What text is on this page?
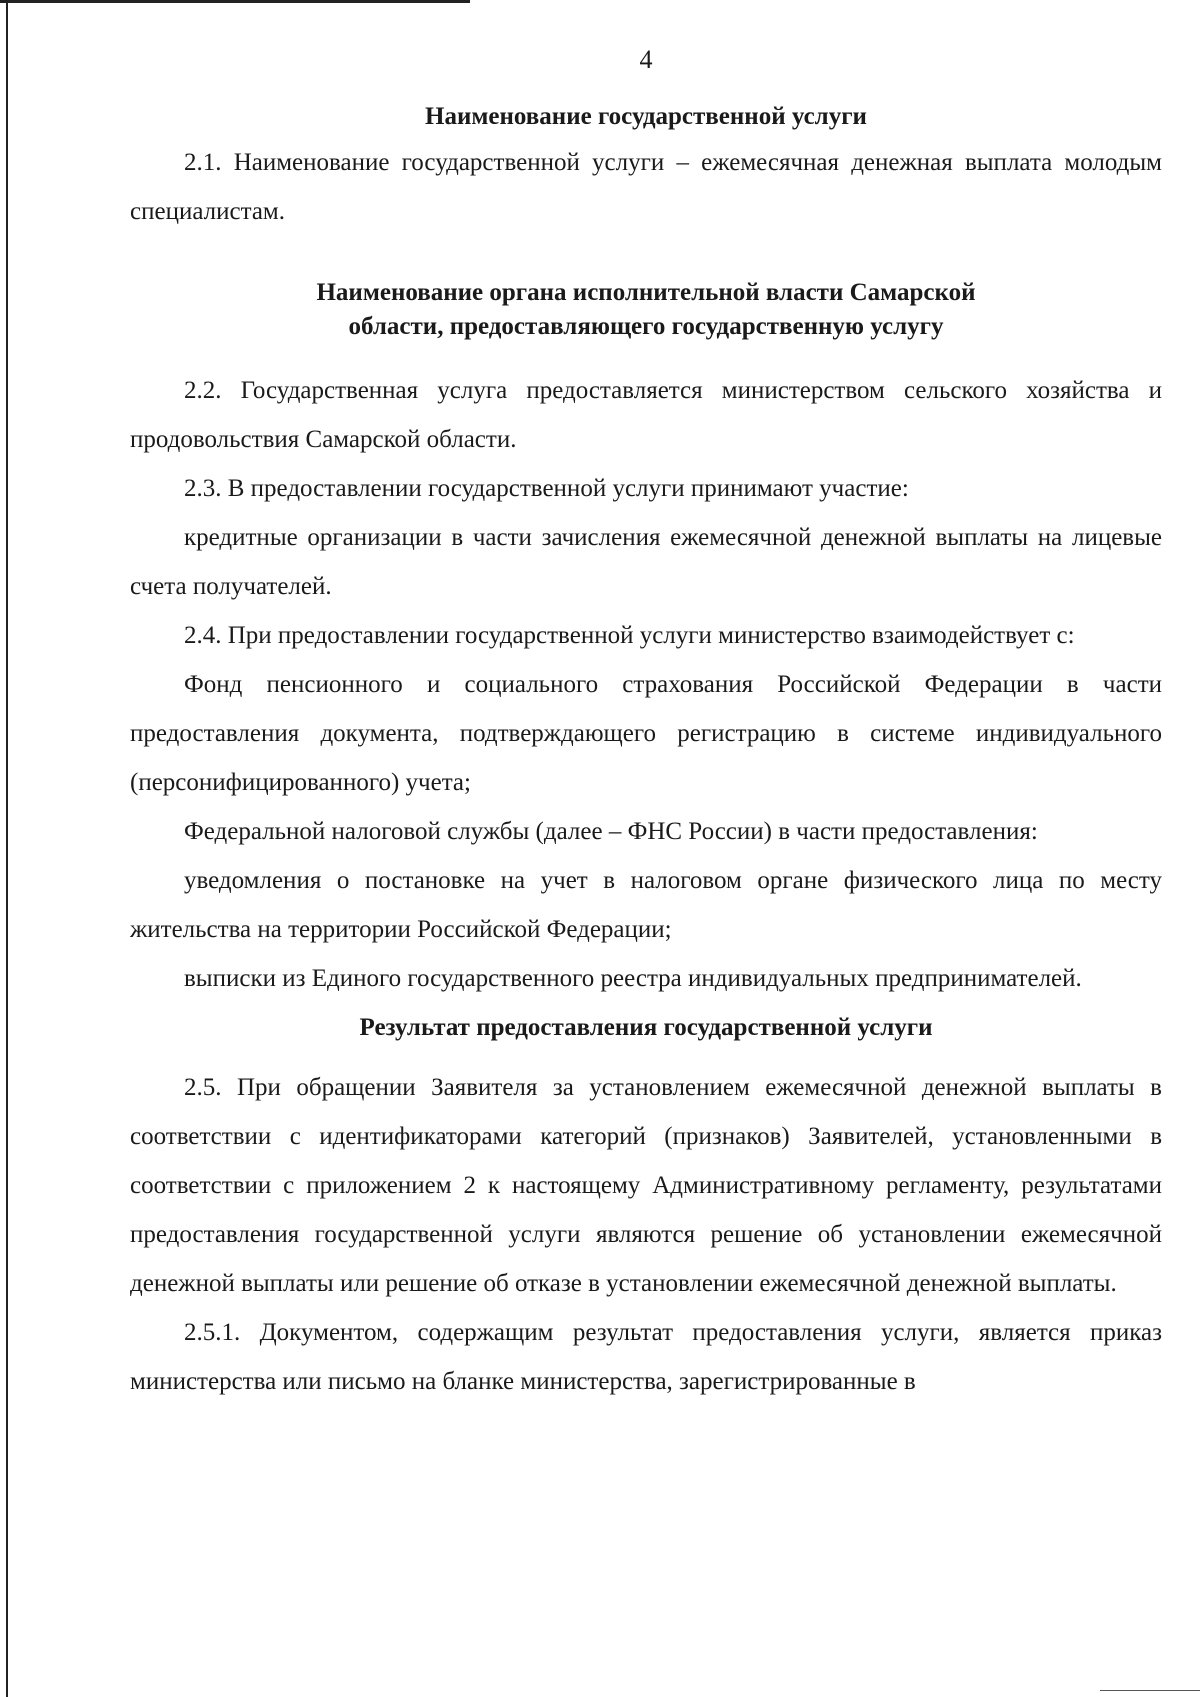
4
Наименование государственной услуги

2.1. Наименование государственной услуги – ежемесячная денежная выплата молодым специалистам.

Наименование органа исполнительной власти Самарской
области, предоставляющего государственную услугу

2.2. Государственная услуга предоставляется министерством сельского хозяйства и продовольствия Самарской области.

2.3. В предоставлении государственной услуги принимают участие:

кредитные организации в части зачисления ежемесячной денежной выплаты на лицевые счета получателей.

2.4. При предоставлении государственной услуги министерство взаимодействует с:

Фонд пенсионного и социального страхования Российской Федерации в части предоставления документа, подтверждающего регистрацию в системе индивидуального (персонифицированного) учета;

Федеральной налоговой службы (далее – ФНС России) в части предоставления:

уведомления о постановке на учет в налоговом органе физического лица по месту жительства на территории Российской Федерации;

выписки из Единого государственного реестра индивидуальных предпринимателей.

Результат предоставления государственной услуги

2.5. При обращении Заявителя за установлением ежемесячной денежной выплаты в соответствии с идентификаторами категорий (признаков) Заявителей, установленными в соответствии с приложением 2 к настоящему Административному регламенту, результатами предоставления государственной услуги являются решение об установлении ежемесячной денежной выплаты или решение об отказе в установлении ежемесячной денежной выплаты.

2.5.1. Документом, содержащим результат предоставления услуги, является приказ министерства или письмо на бланке министерства, зарегистрированные в
